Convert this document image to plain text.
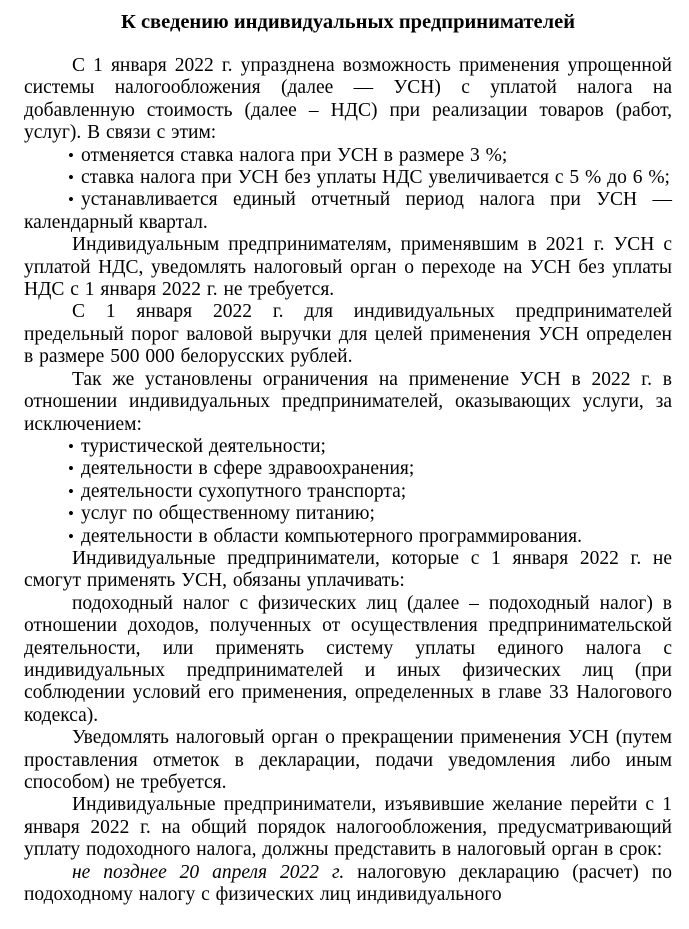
К сведению индивидуальных предпринимателей

С 1 января 2022 г. упразднена возможность применения упрощенной системы налогообложения (далее — УСН) с уплатой налога на добавленную стоимость (далее – НДС) при реализации товаров (работ, услуг). В связи с этим:

• отменяется ставка налога при УСН в размере 3 %;

• ставка налога при УСН без уплаты НДС увеличивается с 5 % до 6 %;

• устанавливается единый отчетный период налога при УСН — календарный квартал.

Индивидуальным предпринимателям, применявшим в 2021 г. УСН с уплатой НДС, уведомлять налоговый орган о переходе на УСН без уплаты НДС с 1 января 2022 г. не требуется.

С 1 января 2022 г. для индивидуальных предпринимателей предельный порог валовой выручки для целей применения УСН определен в размере 500 000 белорусских рублей.

Так же установлены ограничения на применение УСН в 2022 г. в отношении индивидуальных предпринимателей, оказывающих услуги, за исключением:

• туристической деятельности;

• деятельности в сфере здравоохранения;

• деятельности сухопутного транспорта;

• услуг по общественному питанию;

• деятельности в области компьютерного программирования.

Индивидуальные предприниматели, которые с 1 января 2022 г. не смогут применять УСН, обязаны уплачивать:

подоходный налог с физических лиц (далее – подоходный налог) в отношении доходов, полученных от осуществления предпринимательской деятельности, или применять систему уплаты единого налога с индивидуальных предпринимателей и иных физических лиц (при соблюдении условий его применения, определенных в главе 33 Налогового кодекса).

Уведомлять налоговый орган о прекращении применения УСН (путем проставления отметок в декларации, подачи уведомления либо иным способом) не требуется.

Индивидуальные предприниматели, изъявившие желание перейти с 1 января 2022 г. на общий порядок налогообложения, предусматривающий уплату подоходного налога, должны представить в налоговый орган в срок:

не позднее 20 апреля 2022 г. налоговую декларацию (расчет) по подоходному налогу с физических лиц индивидуального
